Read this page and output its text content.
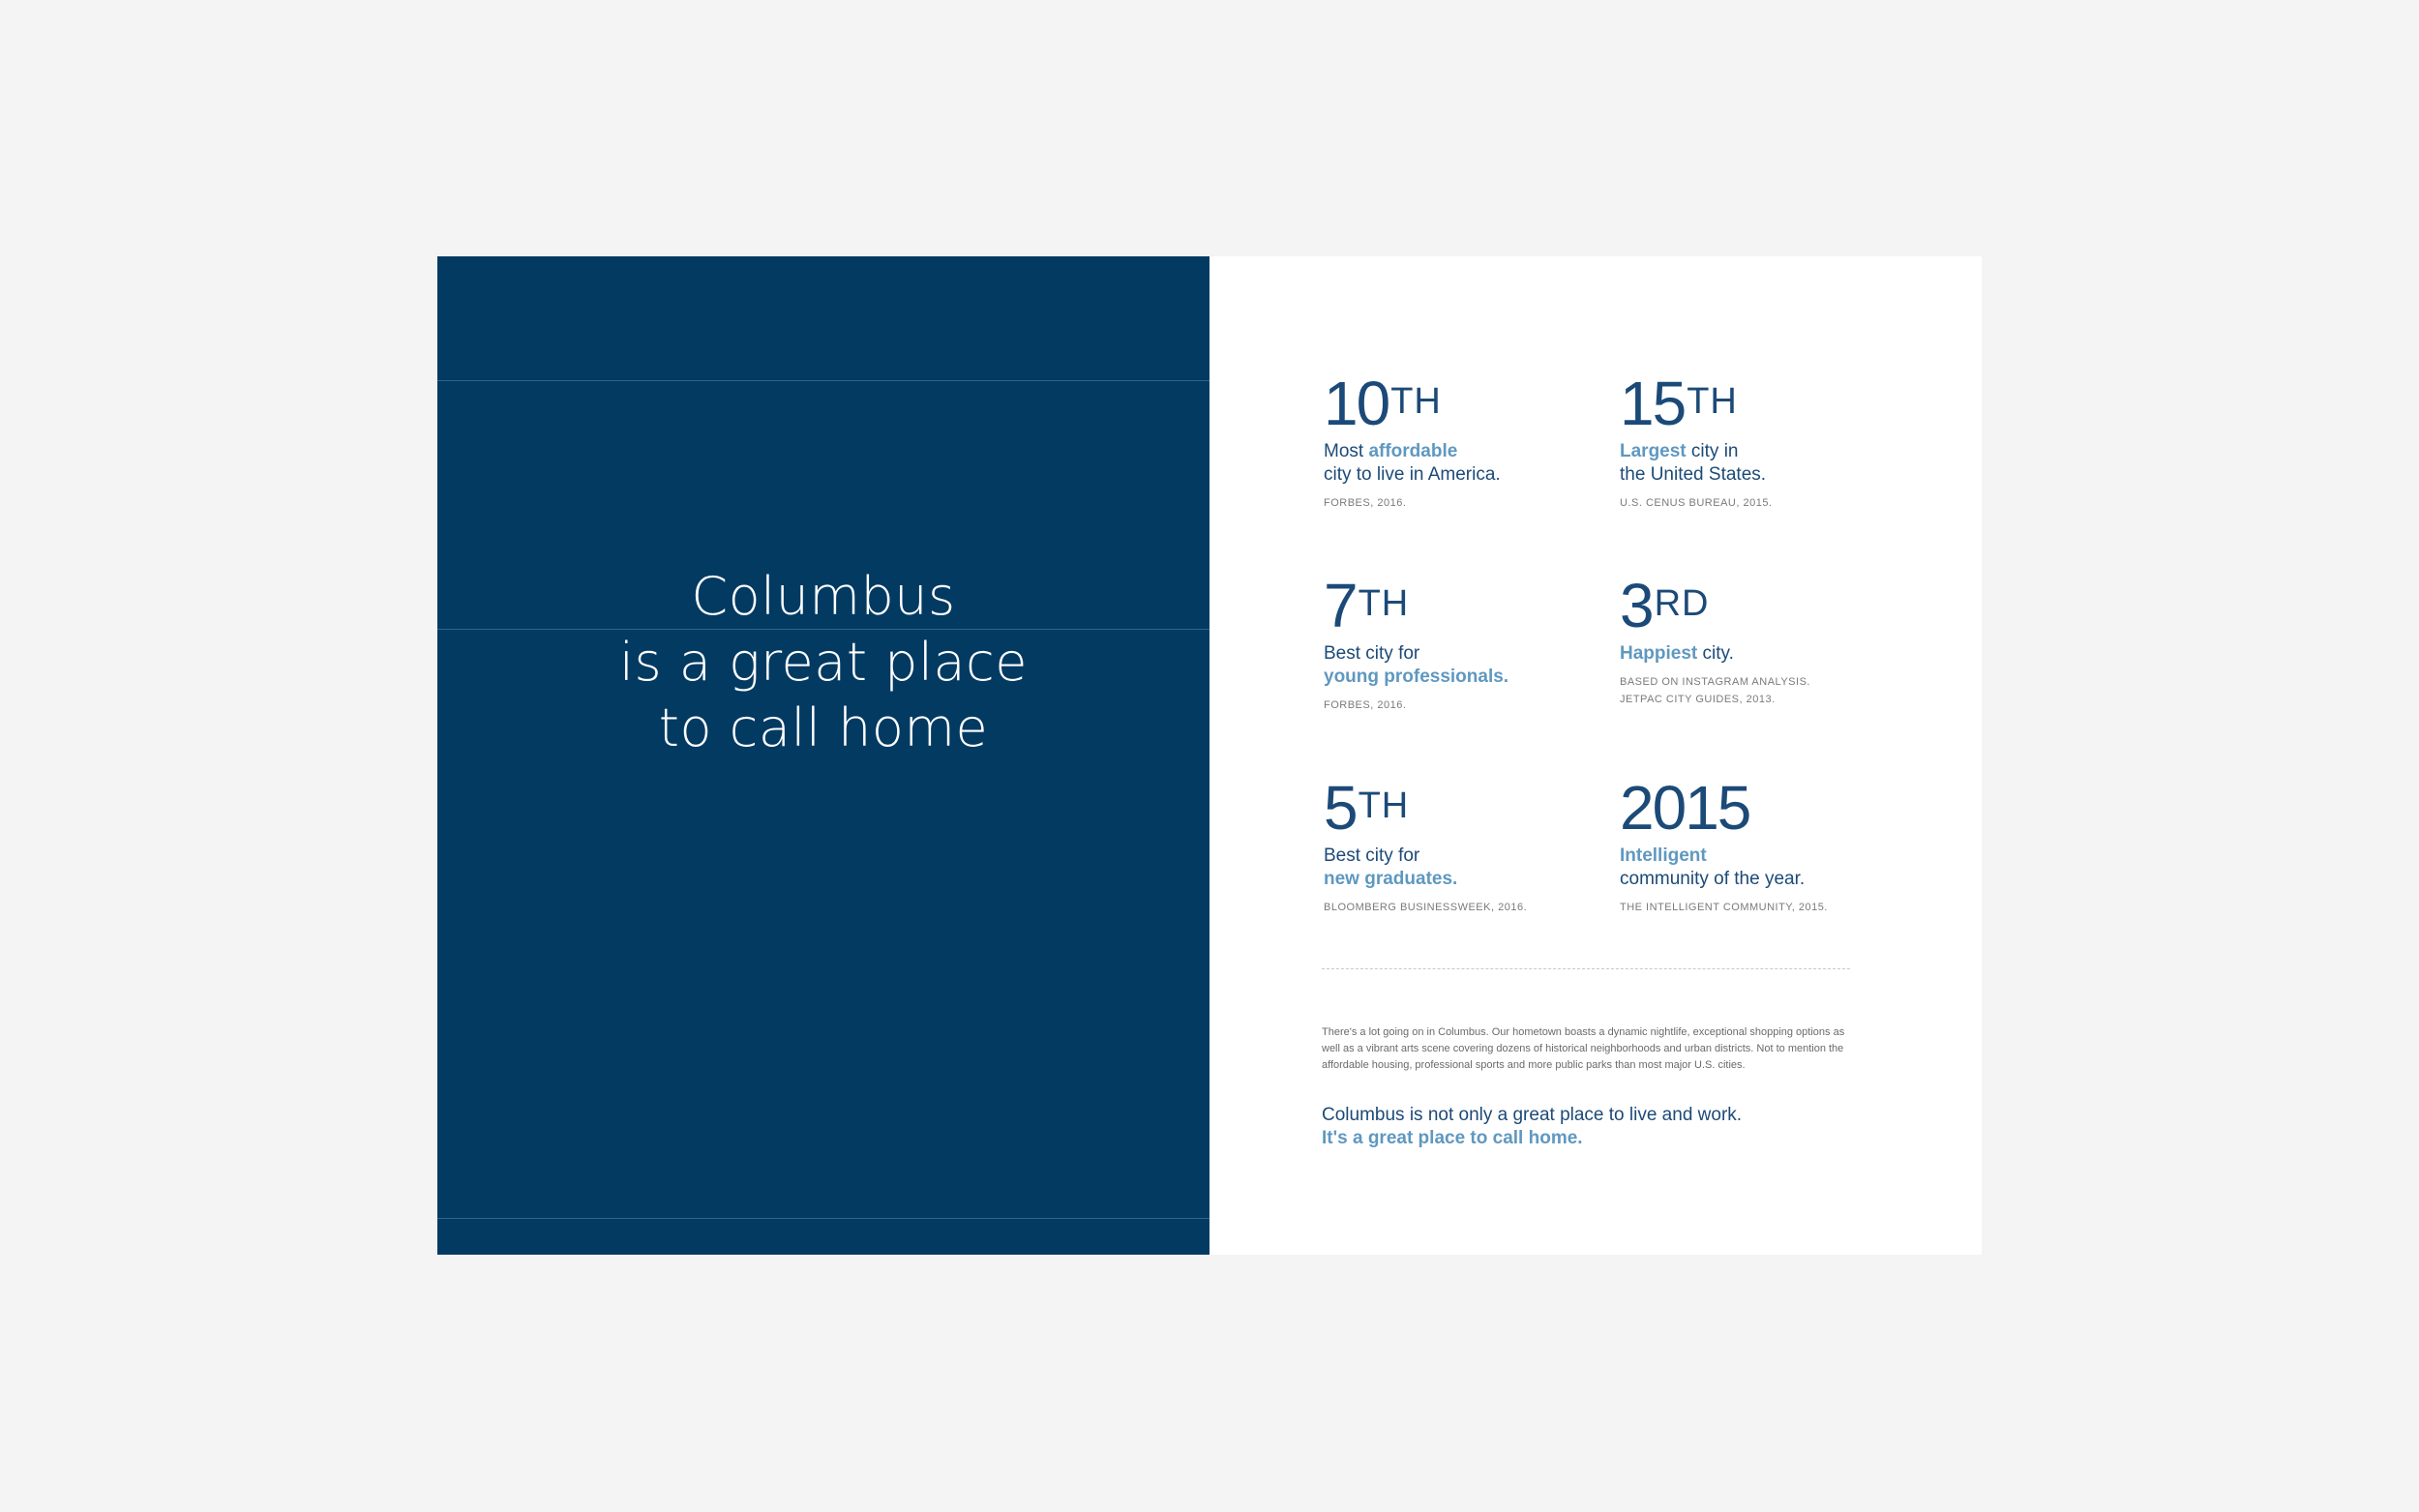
Columbus
is a great place
to call home
10TH
Most affordable
city to live in America.
FORBES, 2016.
15TH
Largest city in
the United States.
U.S. CENUS BUREAU, 2015.
7TH
Best city for
young professionals.
FORBES, 2016.
3RD
Happiest city.
BASED ON INSTAGRAM ANALYSIS.
JETPAC CITY GUIDES, 2013.
5TH
Best city for
new graduates.
BLOOMBERG BUSINESSWEEK, 2016.
2015
Intelligent
community of the year.
THE INTELLIGENT COMMUNITY, 2015.
There's a lot going on in Columbus. Our hometown boasts a dynamic nightlife, exceptional shopping options as well as a vibrant arts scene covering dozens of historical neighborhoods and urban districts. Not to mention the affordable housing, professional sports and more public parks than most major U.S. cities.
Columbus is not only a great place to live and work.
It's a great place to call home.
